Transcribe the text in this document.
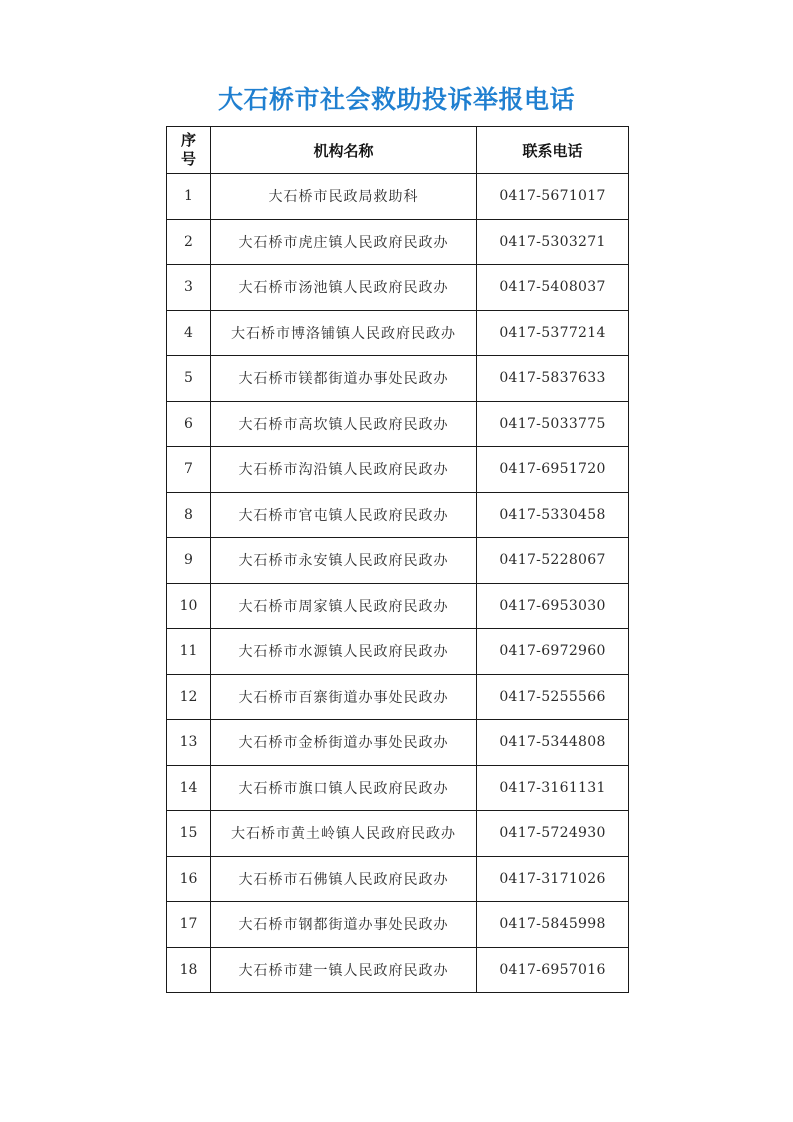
大石桥市社会救助投诉举报电话
序
号	机构名称	联系电话
1	大石桥市民政局救助科	0417-5671017
2	大石桥市虎庄镇人民政府民政办	0417-5303271
3	大石桥市汤池镇人民政府民政办	0417-5408037
4	大石桥市博洛铺镇人民政府民政办	0417-5377214
5	大石桥市镁都街道办事处民政办	0417-5837633
6	大石桥市高坎镇人民政府民政办	0417-5033775
7	大石桥市沟沿镇人民政府民政办	0417-6951720
8	大石桥市官屯镇人民政府民政办	0417-5330458
9	大石桥市永安镇人民政府民政办	0417-5228067
10	大石桥市周家镇人民政府民政办	0417-6953030
11	大石桥市水源镇人民政府民政办	0417-6972960
12	大石桥市百寨街道办事处民政办	0417-5255566
13	大石桥市金桥街道办事处民政办	0417-5344808
14	大石桥市旗口镇人民政府民政办	0417-3161131
15	大石桥市黄土岭镇人民政府民政办	0417-5724930
16	大石桥市石佛镇人民政府民政办	0417-3171026
17	大石桥市钢都街道办事处民政办	0417-5845998
18	大石桥市建一镇人民政府民政办	0417-6957016
